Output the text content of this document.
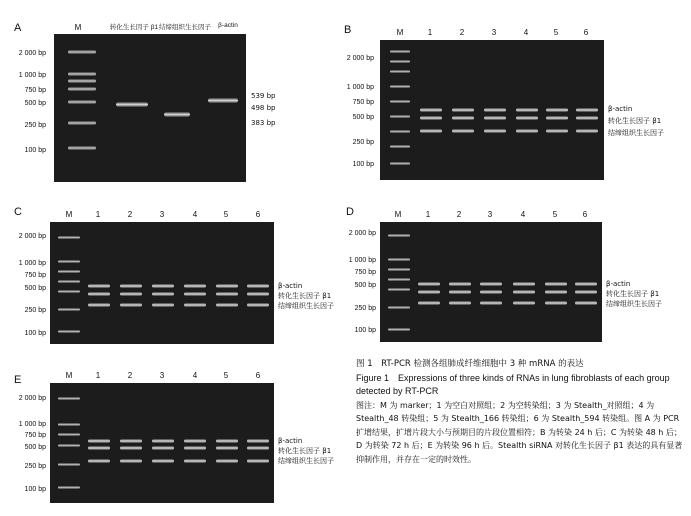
A
2 000 bp
1 000 bp
750 bp
500 bp
250 bp
100 bp
M	转化生长因子 β1 结缔组织生长因子 β-actin
539 bp
498 bp
383 bp
B	M	1	2	3	4	5	6
2 000 bp
1 000 bp
750 bp
500 bp
250 bp
100 bp
β-actin
转化生长因子 β1
结缔组织生长因子
C	M	1	2	3	4	5	6
2 000 bp
1 000 bp
750 bp
500 bp
250 bp
100 bp
β-actin
转化生长因子 β1
结缔组织生长因子
D	M	1	2	3	4	5	6
2 000 bp
1 000 bp
750 bp
500 bp
250 bp
100 bp
β-actin
转化生长因子 β1
结缔组织生长因子
E	M	1	2	3	4	5	6
2 000 bp
1 000 bp
750 bp
500 bp
250 bp
100 bp
β-actin
转化生长因子 β1
结缔组织生长因子
图 1　RT-PCR 检测各组肺成纤维细胞中 3 种 mRNA 的表达
Figure 1　Expressions of three kinds of RNAs in lung fibroblasts of each group detected by RT-PCR
图注：M 为 marker；1 为空白对照组；2 为空转染组；3 为 Stealth_对照组；4 为 Stealth_48 转染组；5 为 Stealth_166 转染组；6 为 Stealth_594 转染组。图 A 为 PCR 扩增结果，扩增片段大小与预期目的片段位置相符；B 为转染 24 h 后；C 为转染 48 h 后；D 为转染 72 h 后；E 为转染 96 h 后。Stealth siRNA 对转化生长因子 β1 表达的具有显著抑制作用，并存在一定的时效性。
